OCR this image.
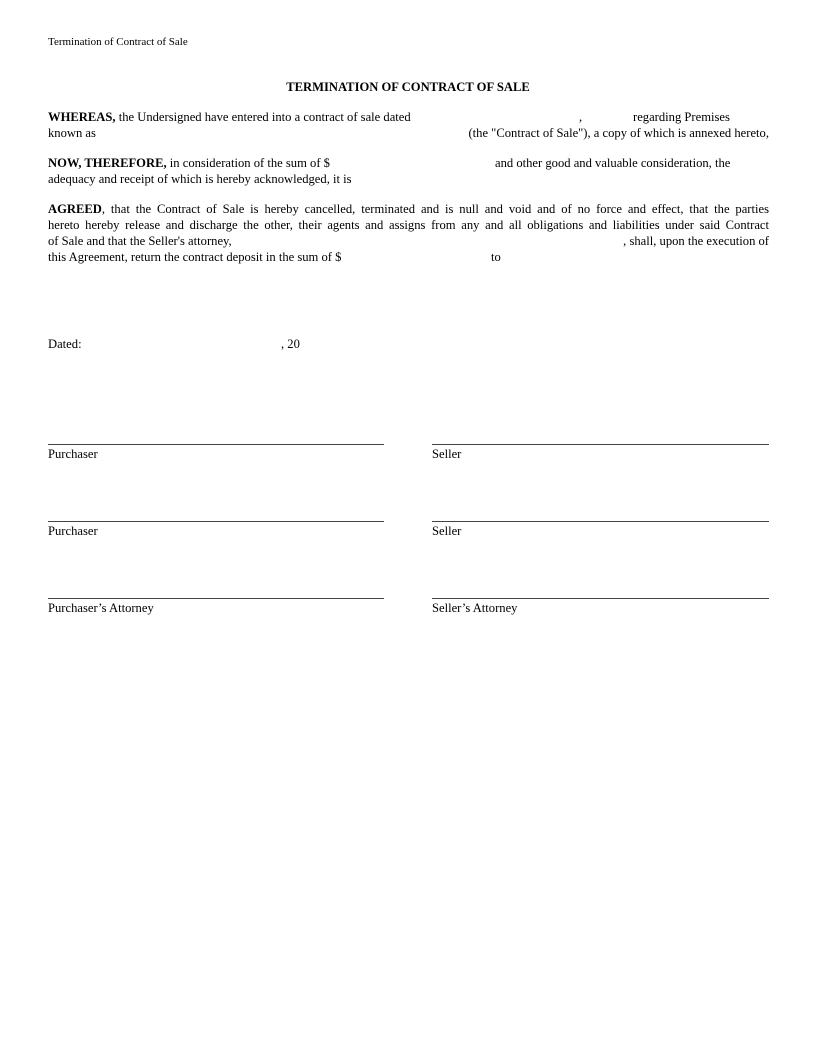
Termination of Contract of Sale
TERMINATION OF CONTRACT OF SALE
WHEREAS, the Undersigned have entered into a contract of sale dated	,	regarding Premises
known as	(the "Contract of Sale"), a copy of which is annexed hereto,
NOW, THEREFORE, in consideration of the sum of $	and other good and valuable consideration, the
adequacy and receipt of which is hereby acknowledged, it is
AGREED, that the Contract of Sale is hereby cancelled, terminated and is null and void and of no force and effect, that the parties
hereto hereby release and discharge the other, their agents and assigns from any and all obligations and liabilities under said Contract
of Sale and that the Seller's attorney,	, shall, upon the execution of
this Agreement, return the contract deposit in the sum of $	to
Dated:	, 20
Purchaser	Seller
Purchaser	Seller
Purchaser’s Attorney	Seller’s Attorney
